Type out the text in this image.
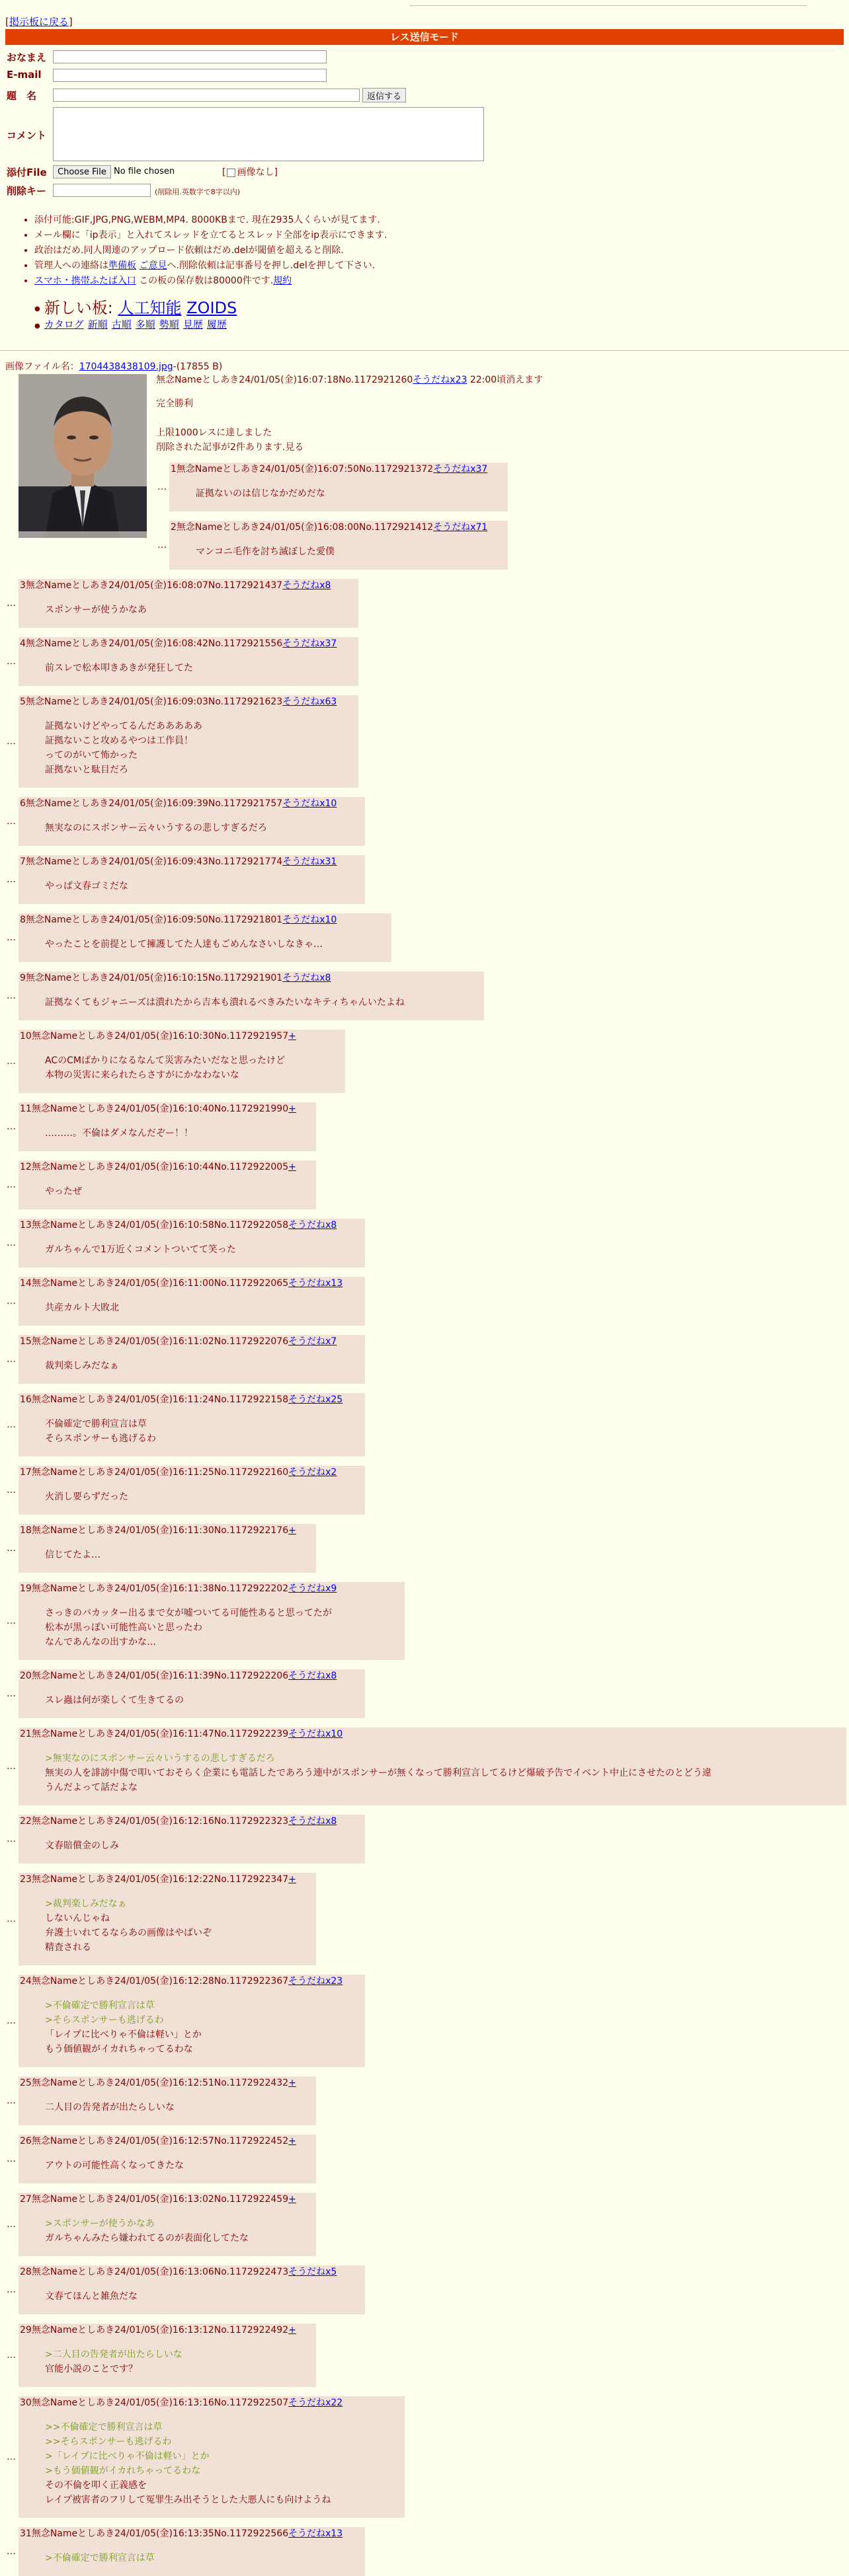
[掲示板に戻る]
レス送信モード
おなまえ
E-mail
題　名	返信する
コメント
添付File	Choose File No file chosen	[ 画像なし]
削除キー	(削除用.英数字で8字以内)
• 添付可能:GIF,JPG,PNG,WEBM,MP4. 8000KBまで. 現在2935人くらいが見てます.
• メール欄に「ip表示」と入れてスレッドを立てるとスレッド全部をip表示にできます.
• 政治はだめ.同人関連のアップロード依頼はだめ.delが閾値を超えると削除.
• 管理人への連絡は準備板 ご意見へ.削除依頼は記事番号を押し.delを押して下さい.
• スマホ・携帯ふたば入口 この板の保存数は80000件です.規約
● 新しい板: 人工知能 ZOIDS
● カタログ 新順 古順 多順 勢順 見歴 履歴
画像ファイル名：1704438438109.jpg-(17855 B)
無念Nameとしあき24/01/05(金)16:07:18No.1172921260そうだねx23 22:00頃消えます
完全勝利
上限1000レスに達しました
削除された記事が2件あります.見る
1無念Nameとしあき24/01/05(金)16:07:50No.1172921372そうだねx37
証拠ないのは信じなかだめだな
…
2無念Nameとしあき24/01/05(金)16:08:00No.1172921412そうだねx71
マンコニ毛作を討ち滅ぼした愛僕
…
3無念Nameとしあき24/01/05(金)16:08:07No.1172921437そうだねx8
スポンサーが使うかなあ
…
4無念Nameとしあき24/01/05(金)16:08:42No.1172921556そうだねx37
前スレで松本叩きあきが発狂してた
…
5無念Nameとしあき24/01/05(金)16:09:03No.1172921623そうだねx63
証拠ないけどやってるんだあああああ
証拠ないこと攻めるやつは工作員！
ってのがいて怖かった
証拠ないと駄目だろ
…
6無念Nameとしあき24/01/05(金)16:09:39No.1172921757そうだねx10
無実なのにスポンサー云々いうするの悲しすぎるだろ
…
7無念Nameとしあき24/01/05(金)16:09:43No.1172921774そうだねx31
やっぱ文春ゴミだな
…
8無念Nameとしあき24/01/05(金)16:09:50No.1172921801そうだねx10
やったことを前提として擁護してた人達もごめんなさいしなきゃ…
…
9無念Nameとしあき24/01/05(金)16:10:15No.1172921901そうだねx8
証拠なくてもジャニーズは潰れたから吉本も潰れるべきみたいなキティちゃんいたよね
…
10無念Nameとしあき24/01/05(金)16:10:30No.1172921957+
ACのCMばかりになるなんて災害みたいだなと思ったけど
本物の災害に来られたらさすがにかなわないな
…
11無念Nameとしあき24/01/05(金)16:10:40No.1172921990+
………。不倫はダメなんだぞー！！
…
12無念Nameとしあき24/01/05(金)16:10:44No.1172922005+
やったぜ
…
13無念Nameとしあき24/01/05(金)16:10:58No.1172922058そうだねx8
ガルちゃんで1万近くコメントついてて笑った
…
14無念Nameとしあき24/01/05(金)16:11:00No.1172922065そうだねx13
共産カルト大敗北
…
15無念Nameとしあき24/01/05(金)16:11:02No.1172922076そうだねx7
裁判楽しみだなぁ
…
16無念Nameとしあき24/01/05(金)16:11:24No.1172922158そうだねx25
不倫確定で勝利宣言は草
そらスポンサーも逃げるわ
…
17無念Nameとしあき24/01/05(金)16:11:25No.1172922160そうだねx2
火消し要らずだった
…
18無念Nameとしあき24/01/05(金)16:11:30No.1172922176+
信じてたよ…
…
19無念Nameとしあき24/01/05(金)16:11:38No.1172922202そうだねx9
さっきのバカッター出るまで女が嘘ついてる可能性あると思ってたが
松本が黒っぽい可能性高いと思ったわ
なんであんなの出すかな…
…
20無念Nameとしあき24/01/05(金)16:11:39No.1172922206そうだねx8
スレ蟲は何が楽しくて生きてるの
…
21無念Nameとしあき24/01/05(金)16:11:47No.1172922239そうだねx10
>無実なのにスポンサー云々いうするの悲しすぎるだろ
無実の人を誹謗中傷で叩いておそらく企業にも電話したであろう連中がスポンサーが無くなって勝利宣言してるけど爆破予告でイベント中止にさせたのとどう違
うんだよって話だよな
…
22無念Nameとしあき24/01/05(金)16:12:16No.1172922323そうだねx8
文春賠償金のしみ
…
23無念Nameとしあき24/01/05(金)16:12:22No.1172922347+
>裁判楽しみだなぁ
しないんじゃね
弁護士いれてるならあの画像はやばいぞ
精査される
…
24無念Nameとしあき24/01/05(金)16:12:28No.1172922367そうだねx23
>不倫確定で勝利宣言は草
>そらスポンサーも逃げるわ
「レイプに比べりゃ不倫は軽い」とか
もう価値観がイカれちゃってるわな
…
25無念Nameとしあき24/01/05(金)16:12:51No.1172922432+
二人目の告発者が出たらしいな
…
26無念Nameとしあき24/01/05(金)16:12:57No.1172922452+
アウトの可能性高くなってきたな
…
27無念Nameとしあき24/01/05(金)16:13:02No.1172922459+
>スポンサーが使うかなあ
ガルちゃんみたら嫌われてるのが表面化してたな
…
28無念Nameとしあき24/01/05(金)16:13:06No.1172922473そうだねx5
文春てほんと雑魚だな
…
29無念Nameとしあき24/01/05(金)16:13:12No.1172922492+
>二人目の告発者が出たらしいな
官能小説のことです？
…
30無念Nameとしあき24/01/05(金)16:13:16No.1172922507そうだねx22
>>不倫確定で勝利宣言は草
>>そらスポンサーも逃げるわ
>「レイプに比べりゃ不倫は軽い」とか
>もう価値観がイカれちゃってるわな
その不倫を叩く正義感を
レイプ被害者のフリして冤罪生み出そうとした大悪人にも向けようね
…
31無念Nameとしあき24/01/05(金)16:13:35No.1172922566そうだねx13
>不倫確定で勝利宣言は草
…
